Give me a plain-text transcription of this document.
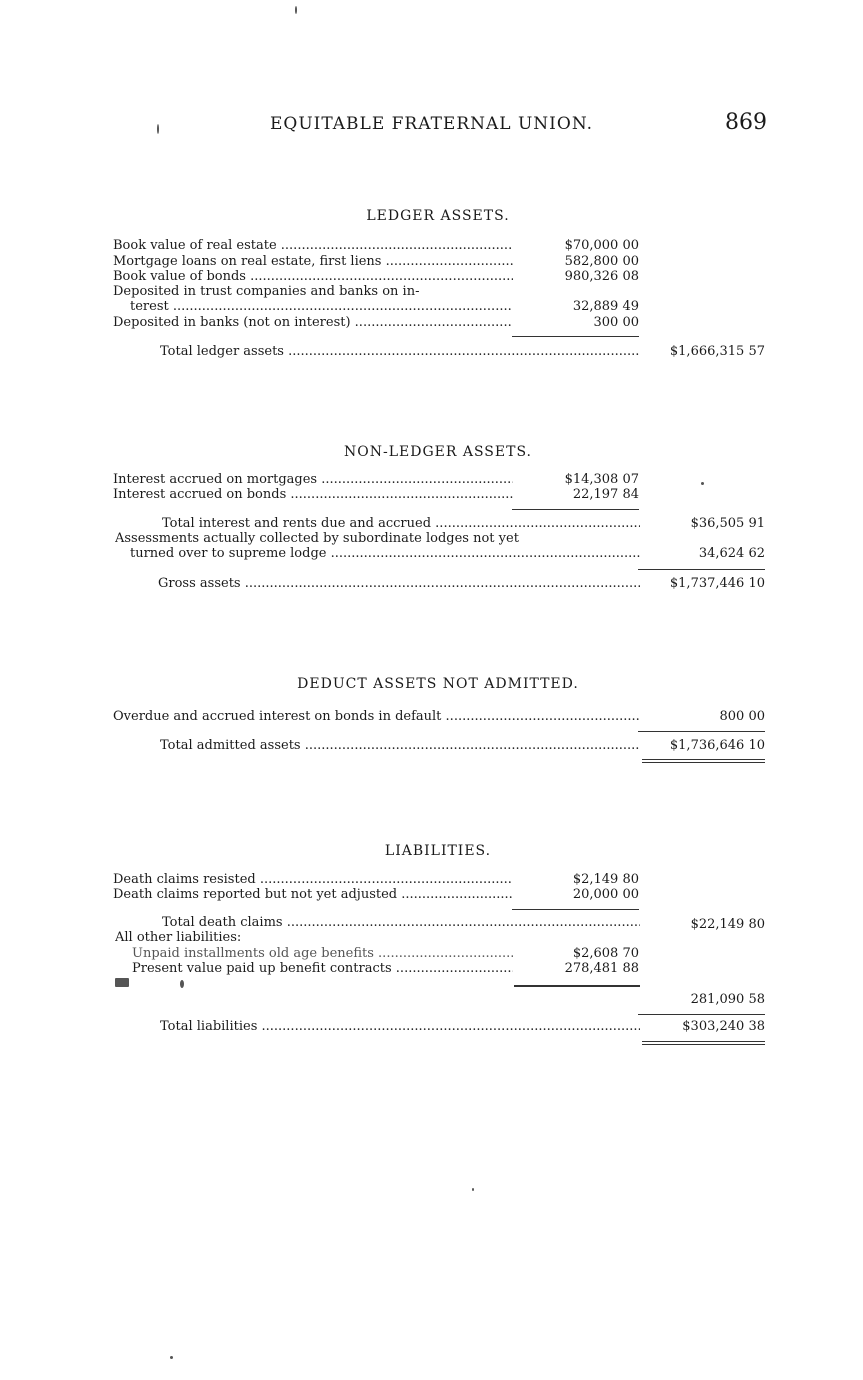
EQUITABLE FRATERNAL UNION.	869
LEDGER ASSETS.
Book value of real estate .....	$70,000 00
Mortgage loans on real estate, first liens .....	582,800 00
Book value of bonds .....	980,326 08
Deposited in trust companies and banks on in-
terest .....	32,889 49
Deposited in banks (not on interest) .....	300 00
Total ledger assets .....	$1,666,315 57
NON-LEDGER ASSETS.
Interest accrued on mortgages .....	$14,308 07
Interest accrued on bonds .....	22,197 84
Total interest and rents due and accrued .....	$36,505 91
Assessments actually collected by subordinate lodges not yet
turned over to supreme lodge .....	34,624 62
Gross assets .....	$1,737,446 10
DEDUCT ASSETS NOT ADMITTED.
Overdue and accrued interest on bonds in default .....	800 00
Total admitted assets .....	$1,736,646 10
LIABILITIES.
Death claims resisted .....	$2,149 80
Death claims reported but not yet adjusted .....	20,000 00
Total death claims .....	$22,149 80
All other liabilities:
Unpaid installments old age benefits .....	$2,608 70
Present value paid up benefit contracts .....	278,481 88
281,090 58
Total liabilities .....	$303,240 38
